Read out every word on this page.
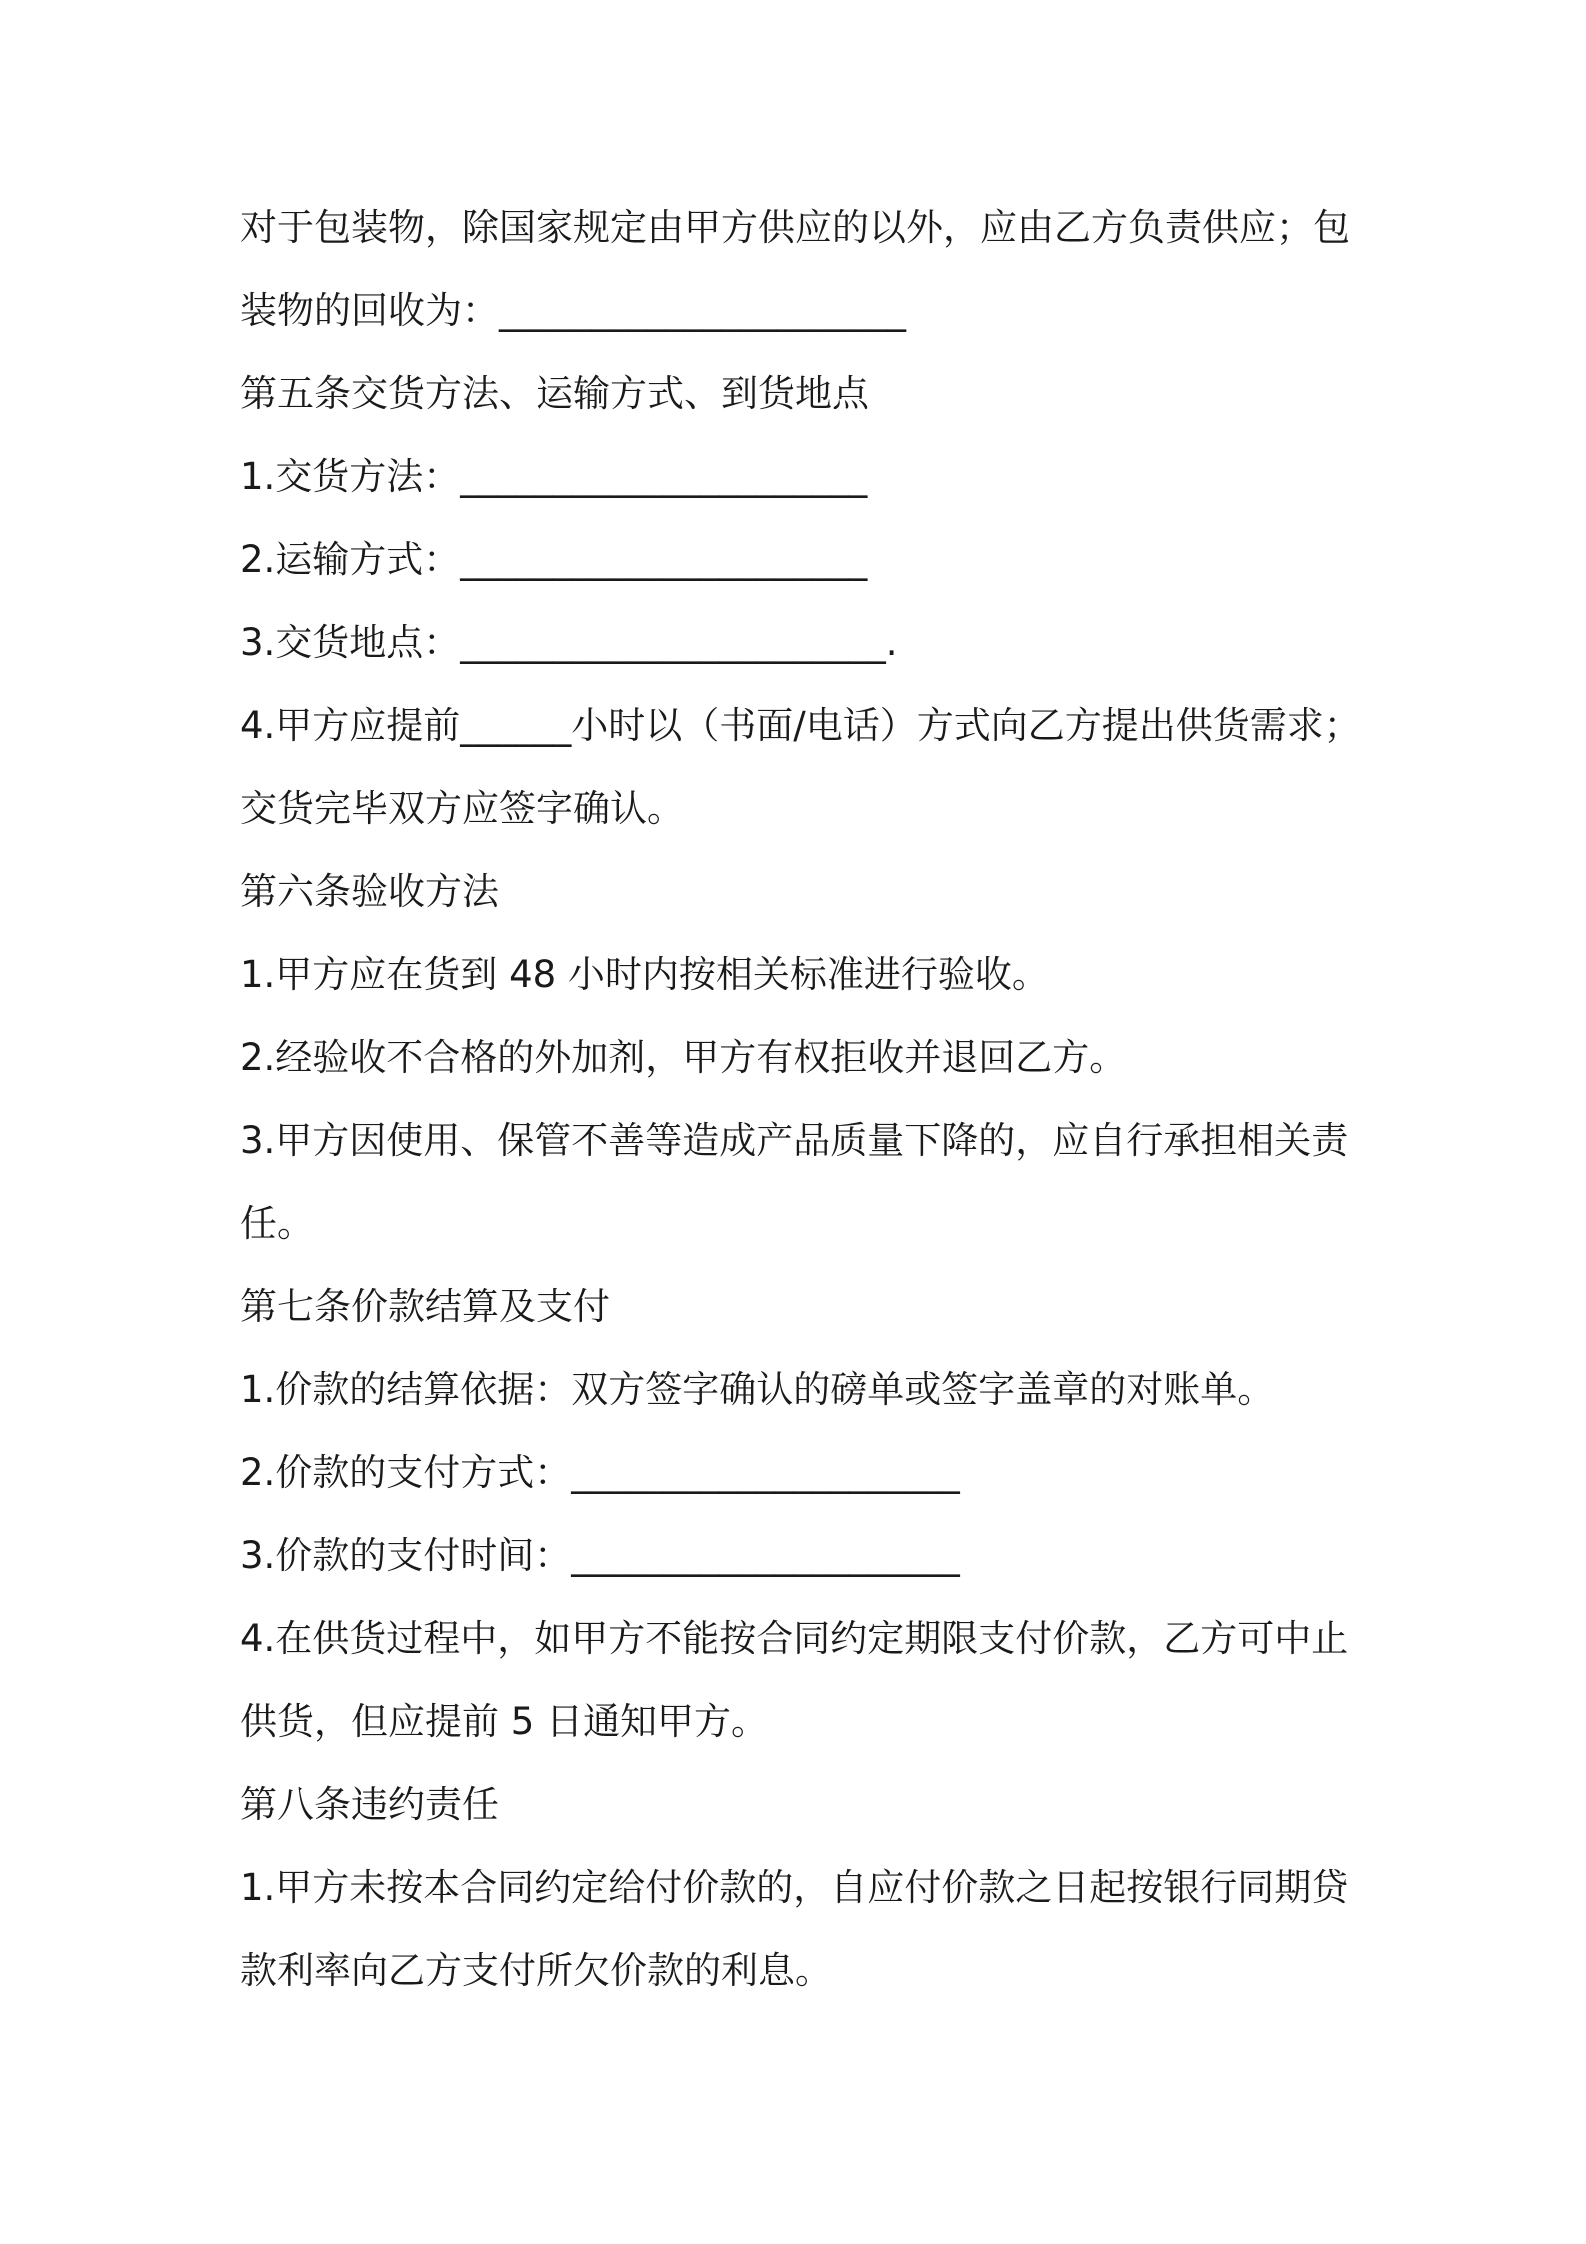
对于包装物，除国家规定由甲方供应的以外，应由乙方负责供应；包
装物的回收为：______________________
第五条交货方法、运输方式、到货地点
1.交货方法：______________________
2.运输方式：______________________
3.交货地点：_______________________.
4.甲方应提前______小时以（书面/电话）方式向乙方提出供货需求；
交货完毕双方应签字确认。
第六条验收方法
1.甲方应在货到 48 小时内按相关标准进行验收。
2.经验收不合格的外加剂，甲方有权拒收并退回乙方。
3.甲方因使用、保管不善等造成产品质量下降的，应自行承担相关责
任。
第七条价款结算及支付
1.价款的结算依据：双方签字确认的磅单或签字盖章的对账单。
2.价款的支付方式：_____________________
3.价款的支付时间：_____________________
4.在供货过程中，如甲方不能按合同约定期限支付价款，乙方可中止
供货，但应提前 5 日通知甲方。
第八条违约责任
1.甲方未按本合同约定给付价款的，自应付价款之日起按银行同期贷
款利率向乙方支付所欠价款的利息。
